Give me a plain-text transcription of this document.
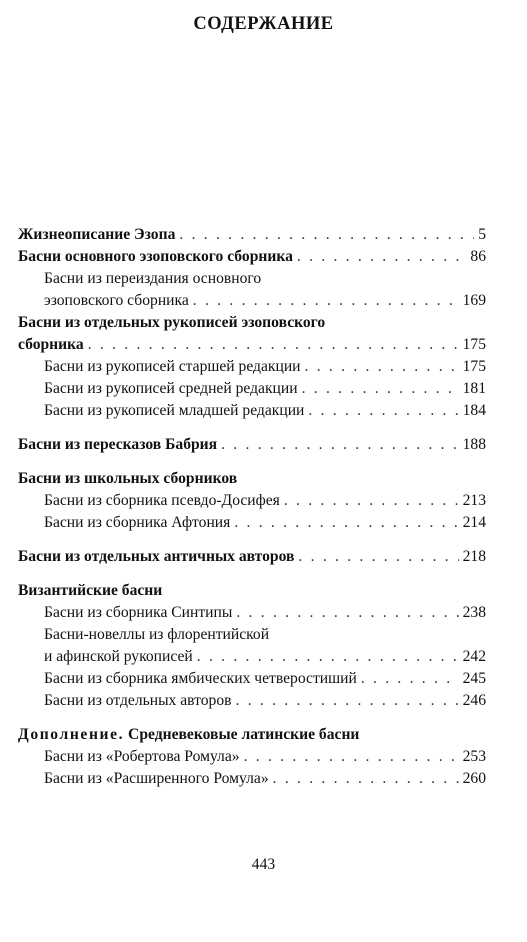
СОДЕРЖАНИЕ
Жизнеописание Эзопа . . .	5
Басни основного эзоповского сборника . . .	86
Басни из переиздания основного
эзоповского сборника . . .	169
Басни из отдельных рукописей эзоповского
сборника . . .	175
Басни из рукописей старшей редакции . . .	175
Басни из рукописей средней редакции . . .	181
Басни из рукописей младшей редакции . . .	184
Басни из пересказов Бабрия . . .	188
Басни из школьных сборников
Басни из сборника псевдо-Досифея . . .	213
Басни из сборника Афтония . . .	214
Басни из отдельных античных авторов . . .	218
Византийские басни
Басни из сборника Синтипы . . .	238
Басни-новеллы из флорентийской
и афинской рукописей . . .	242
Басни из сборника ямбических четверостиший . . .	245
Басни из отдельных авторов . . .	246
Дополнение. Средневековые латинские басни
Басни из «Робертова Ромула» . . .	253
Басни из «Расширенного Ромула» . . .	260
443
